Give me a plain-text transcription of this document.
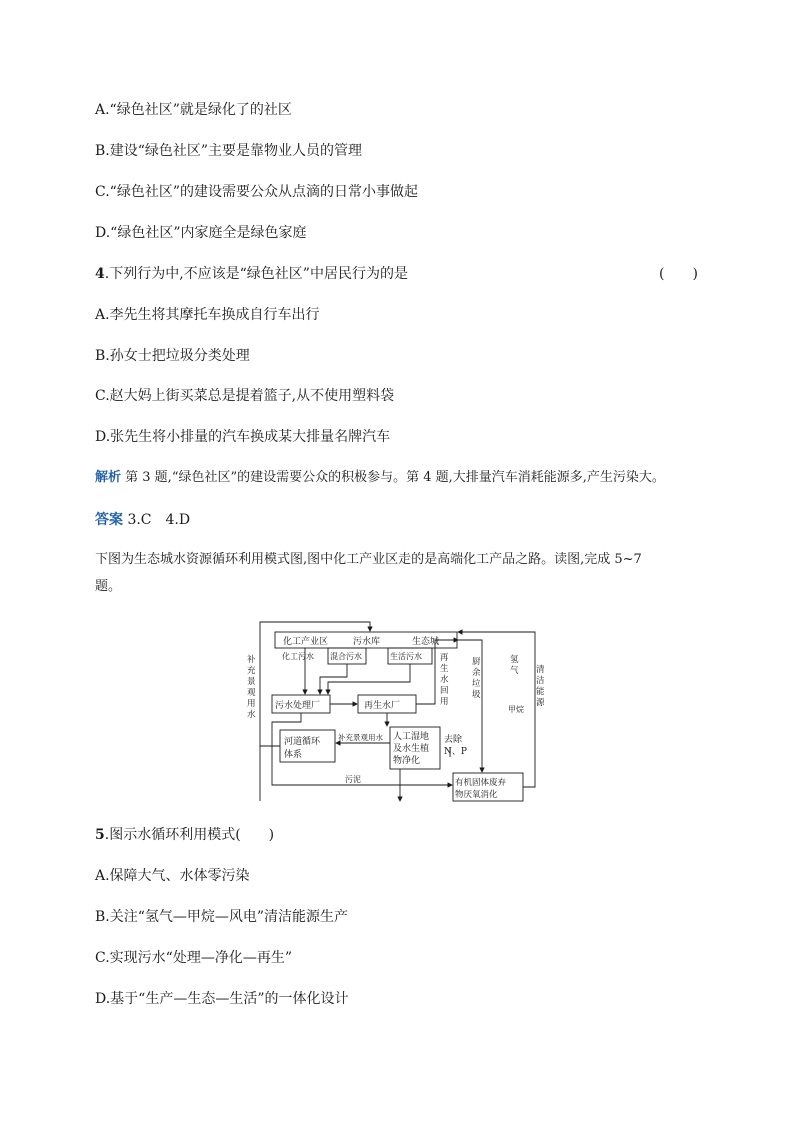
A.“绿色社区”就是绿化了的社区
B.建设“绿色社区”主要是靠物业人员的管理
C.“绿色社区”的建设需要公众从点滴的日常小事做起
D.“绿色社区”内家庭全是绿色家庭
4.下列行为中,不应该是“绿色社区”中居民行为的是	(　　)
A.李先生将其摩托车换成自行车出行
B.孙女士把垃圾分类处理
C.赵大妈上街买菜总是提着篮子,从不使用塑料袋
D.张先生将小排量的汽车换成某大排量名牌汽车
解析 第 3 题,“绿色社区”的建设需要公众的积极参与。第 4 题,大排量汽车消耗能源多,产生污染大。
答案 3.C　4.D
下图为生态城水资源循环利用模式图,图中化工产业区走的是高端化工产品之路。读图,完成 5~7
题。
化工产业区	污水库	生态城
化工污水 混合污水	生活污水
污水处理厂	再生水厂
河道循环
体系
补充景观用水 人工湿地
及水生植
物净化
去除
N、P
污泥	有机固体废弃
物厌氧消化
甲烷
补
充
景
观
用
水
再
生
水
回
用
厨
余
垃
圾
氢
气 清
洁
能
源
5.图示水循环利用模式(　　)
A.保障大气、水体零污染
B.关注“氢气—甲烷—风电”清洁能源生产
C.实现污水“处理—净化—再生”
D.基于“生产—生态—生活”的一体化设计
